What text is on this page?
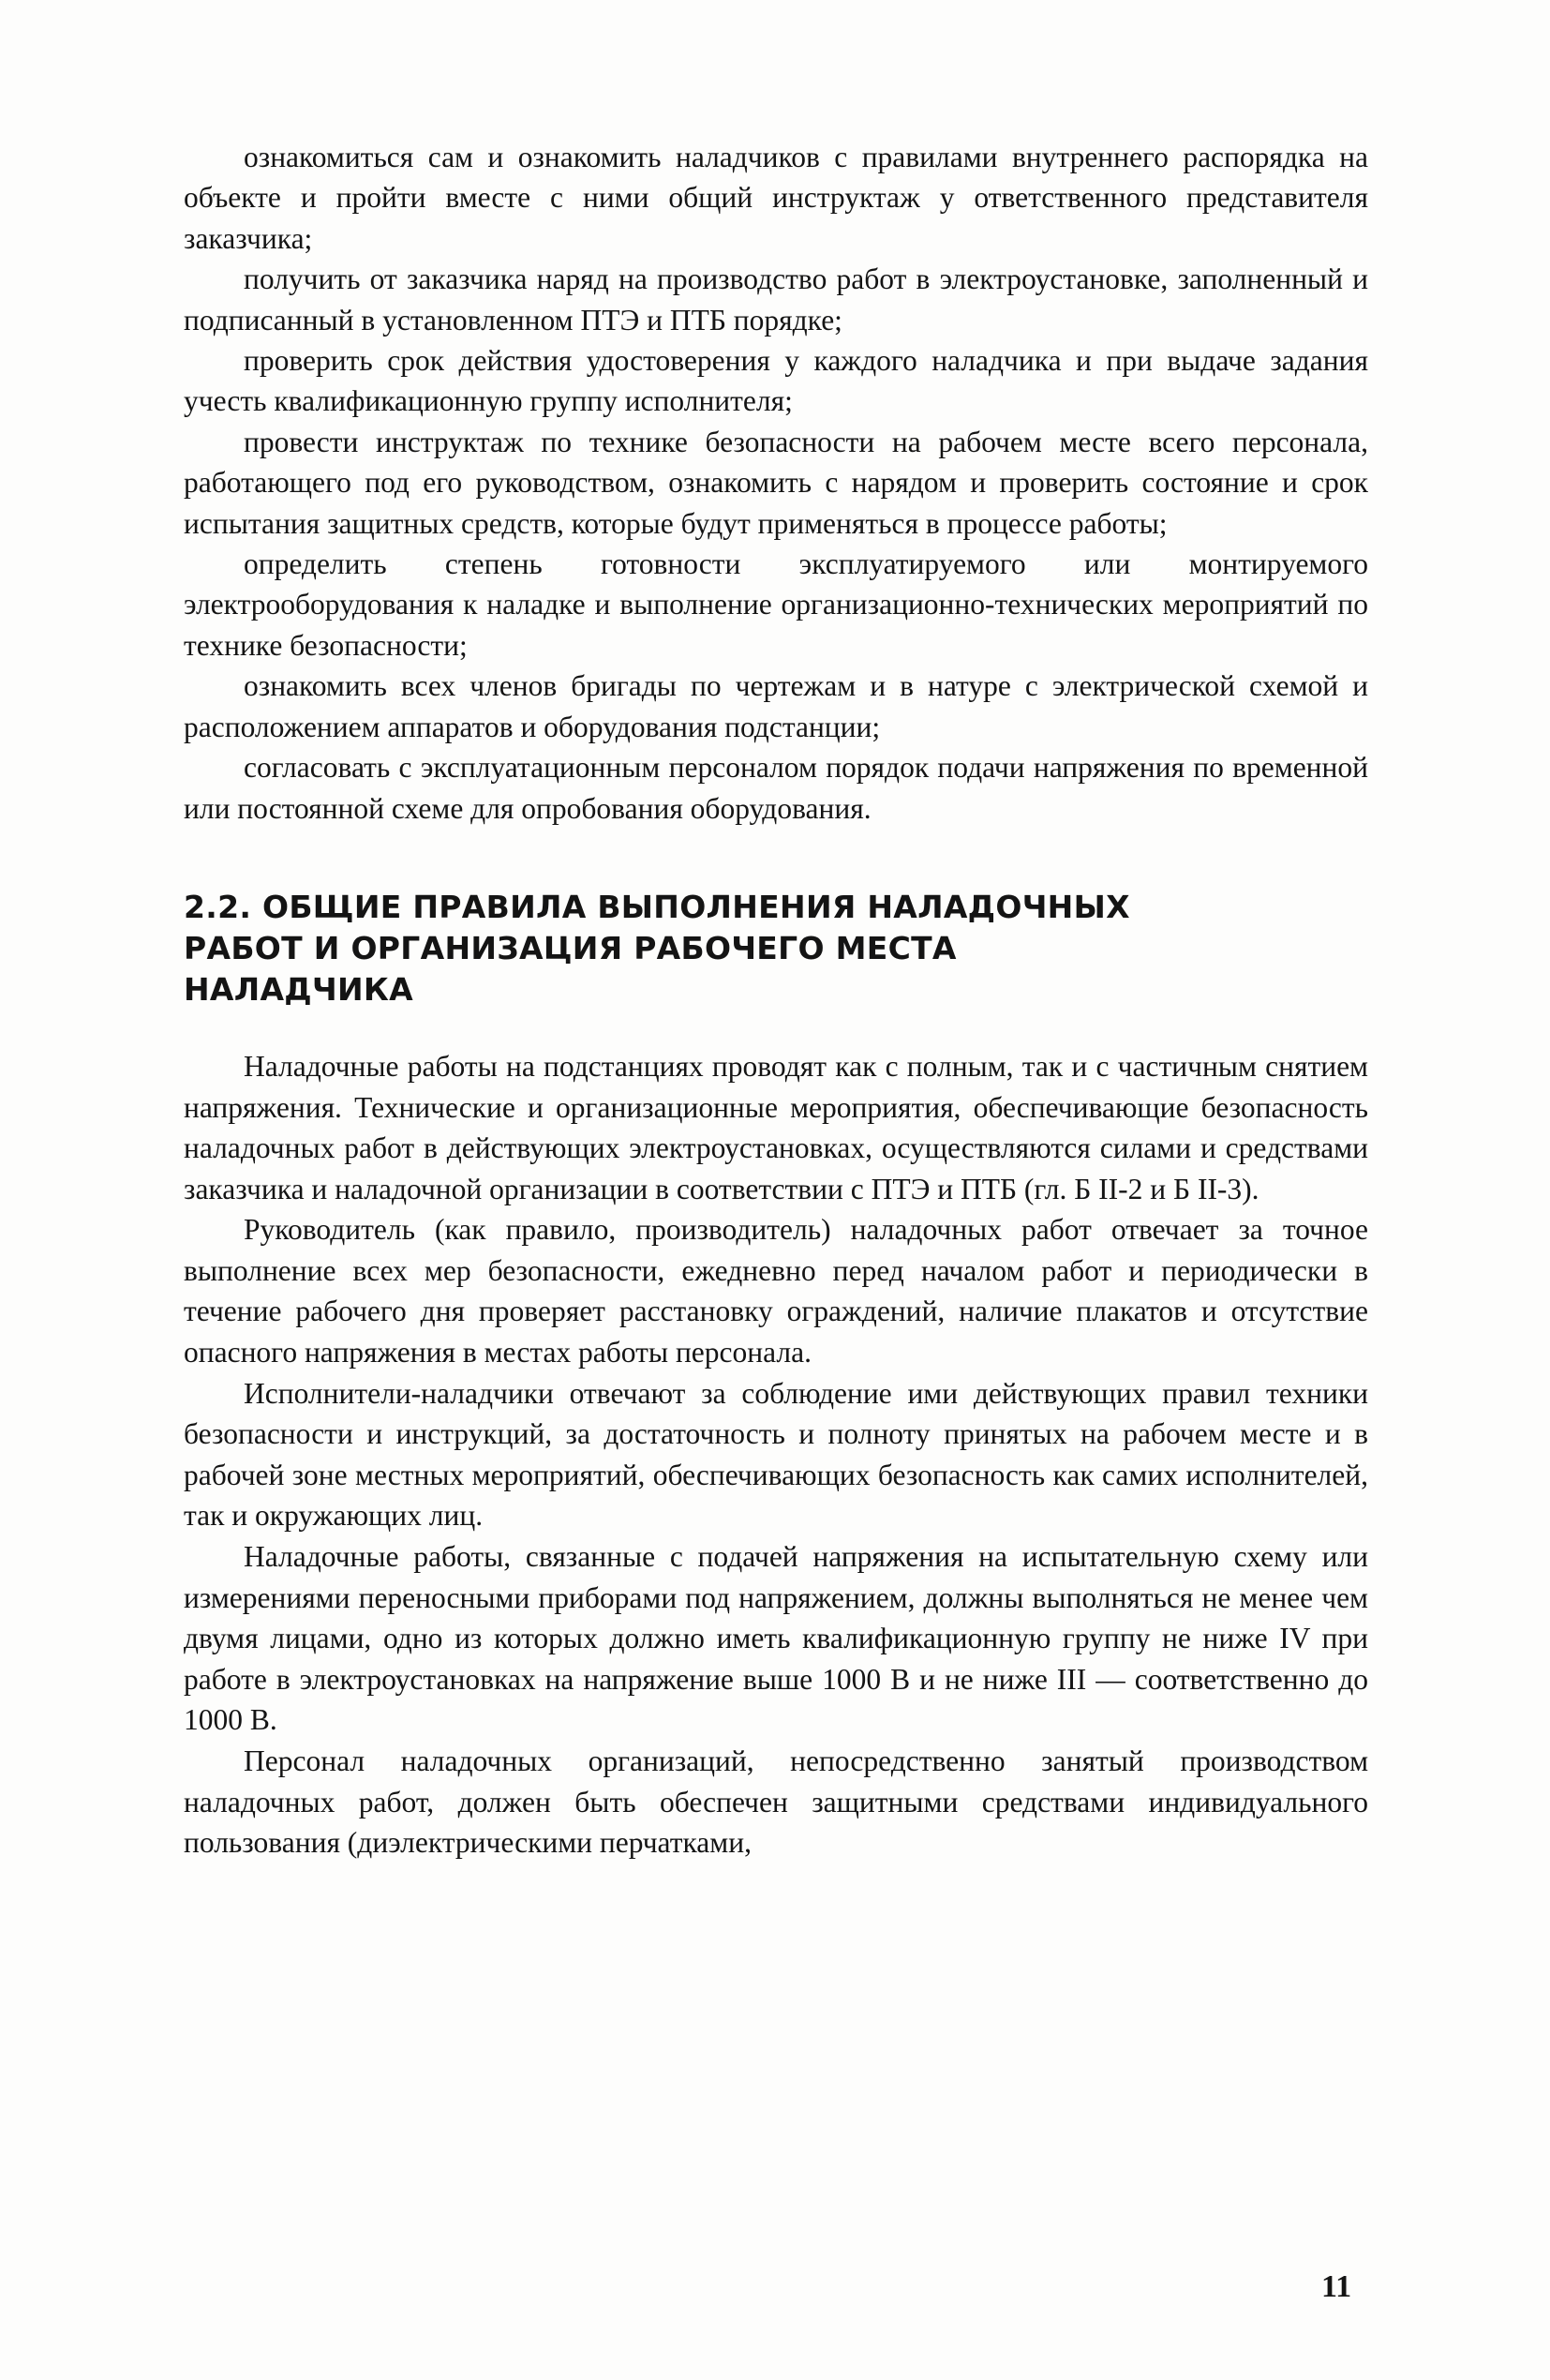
ознакомиться сам и ознакомить наладчиков с правилами внутреннего распорядка на объекте и пройти вместе с ними общий инструктаж у ответственного представителя заказчика;

получить от заказчика наряд на производство работ в электроустановке, заполненный и подписанный в установленном ПТЭ и ПТБ порядке;

проверить срок действия удостоверения у каждого наладчика и при выдаче задания учесть квалификационную группу исполнителя;

провести инструктаж по технике безопасности на рабочем месте всего персонала, работающего под его руководством, ознакомить с нарядом и проверить состояние и срок испытания защитных средств, которые будут применяться в процессе работы;

определить степень готовности эксплуатируемого или монтируемого электрооборудования к наладке и выполнение организационно-технических мероприятий по технике безопасности;

ознакомить всех членов бригады по чертежам и в натуре с электрической схемой и расположением аппаратов и оборудования подстанции;

согласовать с эксплуатационным персоналом порядок подачи напряжения по временной или постоянной схеме для опробования оборудования.

2.2. ОБЩИЕ ПРАВИЛА ВЫПОЛНЕНИЯ НАЛАДОЧНЫХ
РАБОТ И ОРГАНИЗАЦИЯ РАБОЧЕГО МЕСТА
НАЛАДЧИКА

Наладочные работы на подстанциях проводят как с полным, так и с частичным снятием напряжения. Технические и организационные мероприятия, обеспечивающие безопасность наладочных работ в действующих электроустановках, осуществляются силами и средствами заказчика и наладочной организации в соответствии с ПТЭ и ПТБ (гл. Б II-2 и Б II-3).

Руководитель (как правило, производитель) наладочных работ отвечает за точное выполнение всех мер безопасности, ежедневно перед началом работ и периодически в течение рабочего дня проверяет расстановку ограждений, наличие плакатов и отсутствие опасного напряжения в местах работы персонала.

Исполнители-наладчики отвечают за соблюдение ими действующих правил техники безопасности и инструкций, за достаточность и полноту принятых на рабочем месте и в рабочей зоне местных мероприятий, обеспечивающих безопасность как самих исполнителей, так и окружающих лиц.

Наладочные работы, связанные с подачей напряжения на испытательную схему или измерениями переносными приборами под напряжением, должны выполняться не менее чем двумя лицами, одно из которых должно иметь квалификационную группу не ниже IV при работе в электроустановках на напряжение выше 1000 В и не ниже III — соответственно до 1000 В.

Персонал наладочных организаций, непосредственно занятый производством наладочных работ, должен быть обеспечен защитными средствами индивидуального пользования (диэлектрическими перчатками,

11
